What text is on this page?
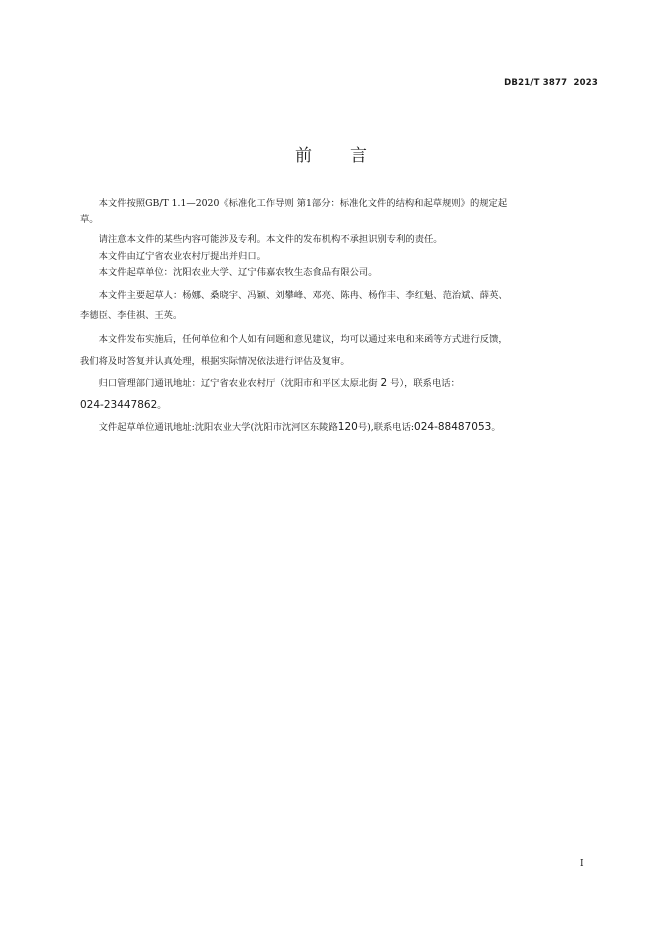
DB21/T 3877  2023
前言
　　本文件按照GB/T 1.1—2020《标准化工作导则 第1部分：标准化文件的结构和起草规则》的规定起
草。
　　请注意本文件的某些内容可能涉及专利。本文件的发布机构不承担识别专利的责任。
　　本文件由辽宁省农业农村厅提出并归口。
　　本文件起草单位：沈阳农业大学、辽宁伟嘉农牧生态食品有限公司。
　　本文件主要起草人：杨娜、桑晓宇、冯颖、刘攀峰、邓亮、陈冉、杨作丰、李红魁、范治斌、薛英、
李德臣、李佳祺、王英。
　　本文件发布实施后，任何单位和个人如有问题和意见建议，均可以通过来电和来函等方式进行反馈，
我们将及时答复并认真处理，根据实际情况依法进行评估及复审。
　　归口管理部门通讯地址：辽宁省农业农村厅（沈阳市和平区太原北街 2 号），联系电话：
024-23447862。
　　文件起草单位通讯地址:沈阳农业大学(沈阳市沈河区东陵路120号),联系电话:024-88487053。
I
